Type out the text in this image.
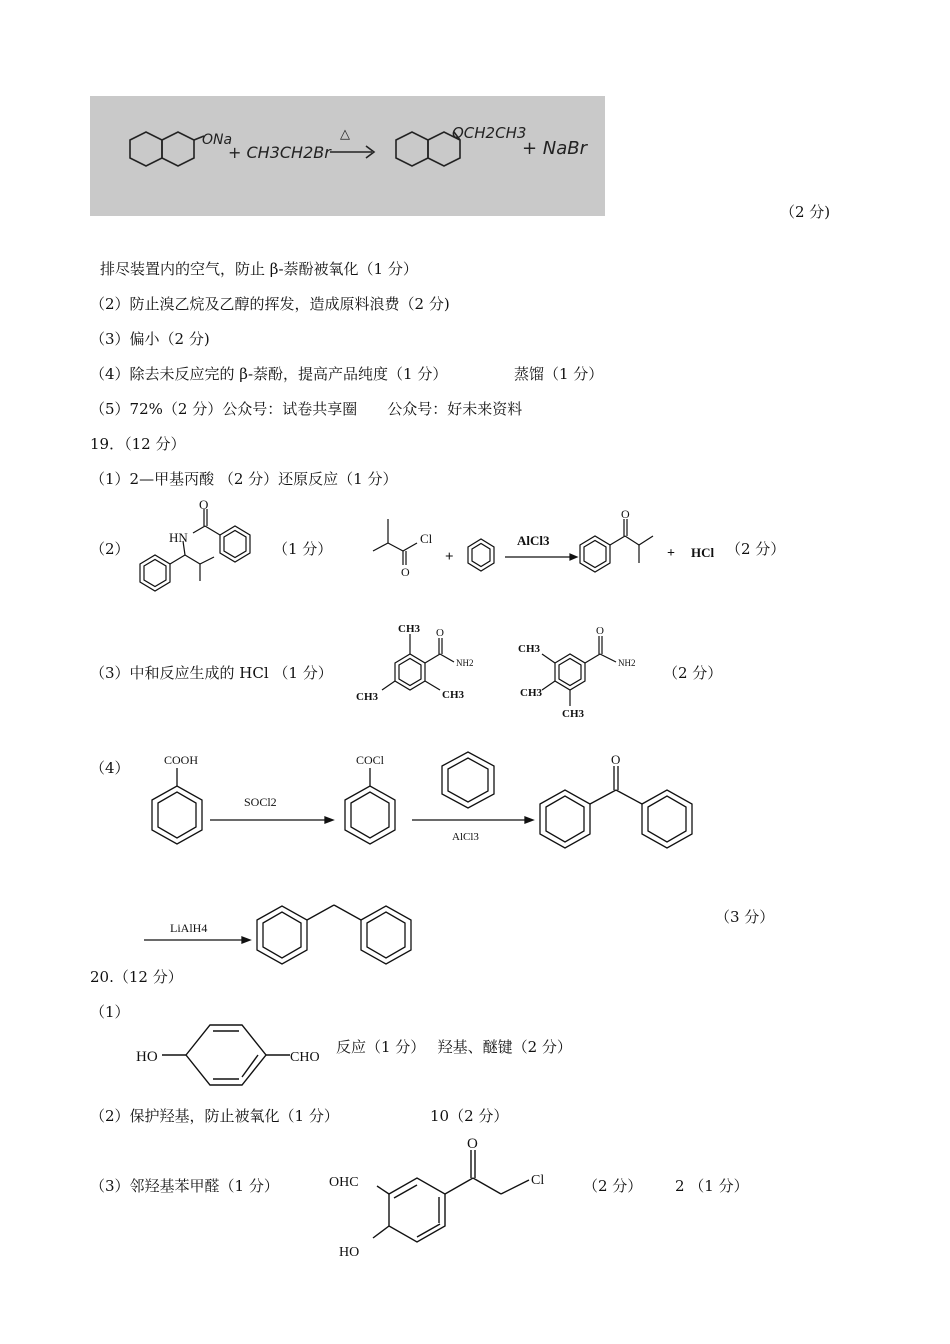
ONa
+ CH3CH2Br
△	OCH2CH3
+ NaBr
（2 分)
排尽装置内的空气，防止 β-萘酚被氧化（1 分）
（2）防止溴乙烷及乙醇的挥发，造成原料浪费（2 分)
（3）偏小（2 分)
（4）除去未反应完的 β-萘酚，提高产品纯度（1 分）	蒸馏（1 分）
（5）72%（2 分）公众号：试卷共享圈　　公众号：好未来资料
19．（12 分）
（1）2—甲基丙酸 （2 分）还原反应（1 分）
（2）
O
HN
（1 分）
Cl
O
+
AlCl3
O
+ HCl （2 分）
（3）中和反应生成的 HCl （1 分）
CH3 O
NH2
CH3
CH3
CH3
CH3
CH3
O
NH2
（2 分）
（4）	COOH
SOCl2
COCl
AlCl3
O
LiAlH4
（3 分）
20.（12 分）
（1）
HO	CHO
反应（1 分）　 羟基、醚键（2 分）
（2）保护羟基，防止被氧化（1 分）	10（2 分）
（3）邻羟基苯甲醛（1 分）	OHC
O
Cl
HO
（2 分） 2 （1 分）
